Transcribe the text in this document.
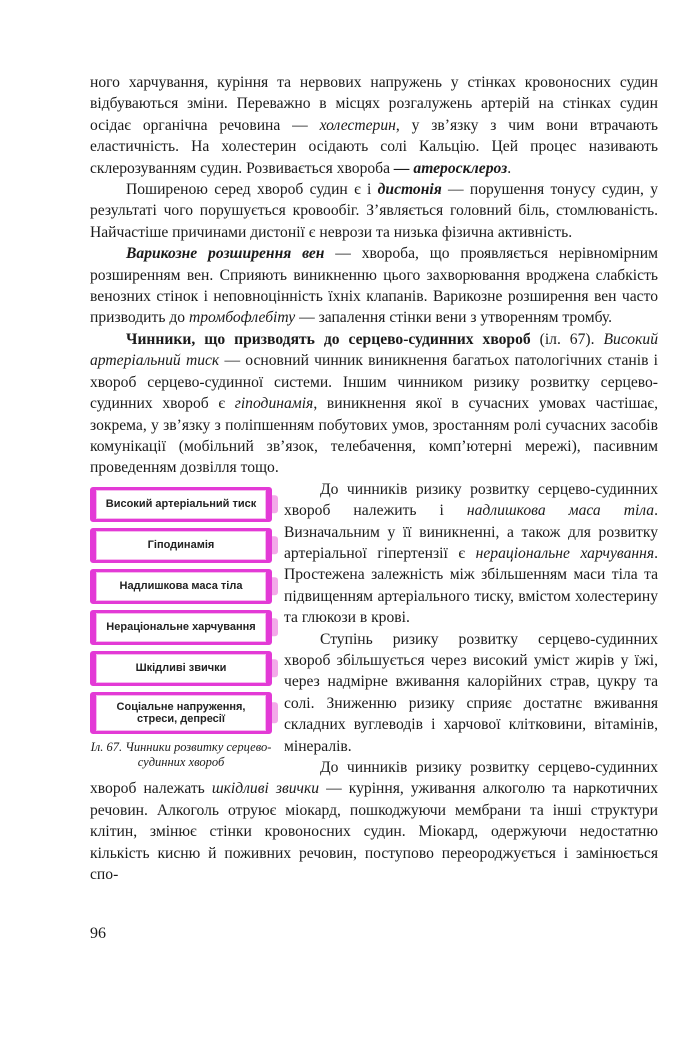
ного харчування, куріння та нервових напружень у стінках кровоносних судин відбуваються зміни. Переважно в місцях розгалужень артерій на стінках судин осідає органічна речовина — холестерин, у зв’язку з чим вони втрачають еластичність. На холестерин осідають солі Кальцію. Цей процес називають склерозуванням судин. Розвивається хвороба — атеросклероз.

Поширеною серед хвороб судин є і дистонія — порушення тонусу судин, у результаті чого порушується кровообіг. З’являється головний біль, стомлюваність. Найчастіше причинами дистонії є неврози та низька фізична активність.

Варикозне розширення вен — хвороба, що проявляється нерівномірним розширенням вен. Сприяють виникненню цього захворювання вроджена слабкість венозних стінок і неповноцінність їхніх клапанів. Варикозне розширення вен часто призводить до тромбофлебіту — запалення стінки вени з утворенням тромбу.

Чинники, що призводять до серцево-судинних хвороб (іл. 67). Високий артеріальний тиск — основний чинник виникнення багатьох патологічних станів і хвороб серцево-судинної системи. Іншим чинником ризику розвитку серцево-судинних хвороб є гіподинамія, виникнення якої в сучасних умовах частішає, зокрема, у зв’язку з поліпшенням побутових умов, зростанням ролі сучасних засобів комунікації (мобільний зв’язок, телебачення, комп’ютерні мережі), пасивним проведенням дозвілля тощо.

Високий артеріальний тиск
Гіподинамія
Надлишкова маса тіла
Нераціональне харчування
Шкідливі звички
Соціальне напруження, стреси, депресії
Іл. 67. Чинники розвитку серцево-судинних хвороб

До чинників ризику розвитку серцево-судинних хвороб належить і надлишкова маса тіла. Визначальним у її виникненні, а також для розвитку артеріальної гіпертензії є нераціональне харчування. Простежена залежність між збільшенням маси тіла та підвищенням артеріального тиску, вмістом холестерину та глюкози в крові.

Ступінь ризику розвитку серцево-судинних хвороб збільшується через високий уміст жирів у їжі, через надмірне вживання калорійних страв, цукру та солі. Зниженню ризику сприяє достатнє вживання складних вуглеводів і харчової клітковини, вітамінів, мінералів.

До чинників ризику розвитку серцево-судинних хвороб належать шкідливі звички — куріння, уживання алкоголю та наркотичних речовин. Алкоголь отруює міокард, пошкоджуючи мембрани та інші структури клітин, змінює стінки кровоносних судин. Міокард, одержуючи недостатню кількість кисню й поживних речовин, поступово переороджується і замінюється спо-

96
